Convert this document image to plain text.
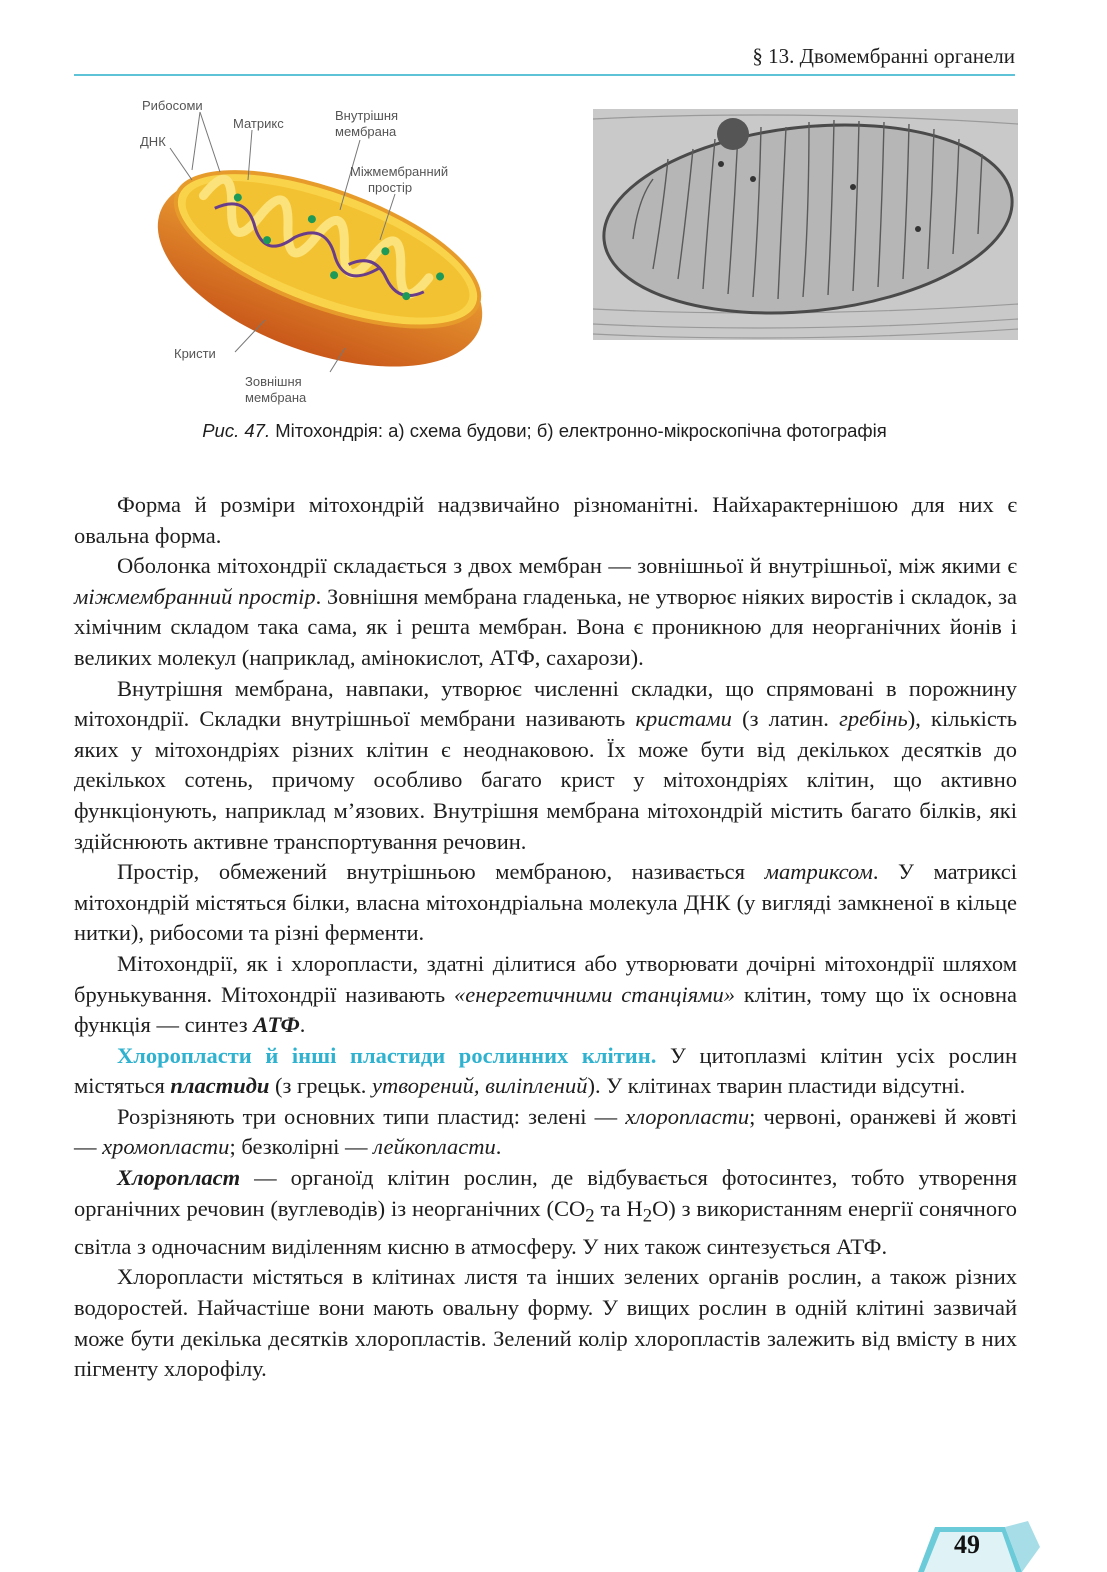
§ 13. Двомембранні органели
Рибосоми
ДНК
Матрикс
Внутрішня
мембрана
Міжмембранний
простір
Кристи
Зовнішня
мембрана
Рис. 47. Мітохондрія: а) схема будови; б) електронно-мікроскопічна фотографія

Форма й розміри мітохондрій надзвичайно різноманітні. Найхарактернішою для них є овальна форма.

Оболонка мітохондрії складається з двох мембран — зовнішньої й внутрішньої, між якими є міжмембранний простір. Зовнішня мембрана гладенька, не утворює ніяких виростів і складок, за хімічним складом така сама, як і решта мембран. Вона є проникною для неорганічних йонів і великих молекул (наприклад, амінокислот, АТФ, сахарози).

Внутрішня мембрана, навпаки, утворює численні складки, що спрямовані в порожнину мітохондрії. Складки внутрішньої мембрани називають кристами (з латин. гребінь), кількість яких у мітохондріях різних клітин є неоднаковою. Їх може бути від декількох десятків до декількох сотень, причому особливо багато крист у мітохондріях клітин, що активно функціонують, наприклад м’язових. Внутрішня мембрана мітохондрій містить багато білків, які здійснюють активне транспортування речовин.

Простір, обмежений внутрішньою мембраною, називається матриксом. У матриксі мітохондрій містяться білки, власна мітохондріальна молекула ДНК (у вигляді замкненої в кільце нитки), рибосоми та різні ферменти.

Мітохондрії, як і хлоропласти, здатні ділитися або утворювати дочірні мітохондрії шляхом брунькування. Мітохондрії називають «енергетичними станціями» клітин, тому що їх основна функція — синтез АТФ.

Хлоропласти й інші пластиди рослинних клітин. У цитоплазмі клітин усіх рослин містяться пластиди (з грецьк. утворений, виліплений). У клітинах тварин пластиди відсутні.

Розрізняють три основних типи пластид: зелені — хлоропласти; червоні, оранжеві й жовті — хромопласти; безколірні — лейкопласти.

Хлоропласт — органоїд клітин рослин, де відбувається фотосинтез, тобто утворення органічних речовин (вуглеводів) із неорганічних ($CO_2$ та $H_2O$) з використанням енергії сонячного світла з одночасним виділенням кисню в атмосферу. У них також синтезується АТФ.

Хлоропласти містяться в клітинах листя та інших зелених органів рослин, а також різних водоростей. Найчастіше вони мають овальну форму. У вищих рослин в одній клітині зазвичай може бути декілька десятків хлоропластів. Зелений колір хлоропластів залежить від вмісту в них пігменту хлорофілу.

49
